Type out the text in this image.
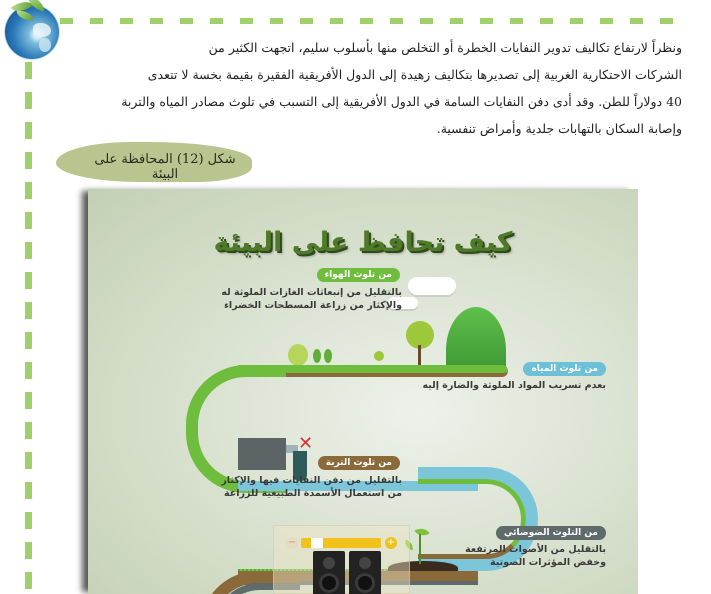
ونظراً لارتفاع تكاليف تدوير النفايات الخطرة أو التخلص منها بأسلوب سليم، اتجهت الكثير من
الشركات الاحتكارية الغربية إلى تصديرها بتكاليف زهيدة إلى الدول الأفريقية الفقيرة بقيمة بخسة لا تتعدى
40 دولاراً للطن. وقد أدى دفن النفايات السامة في الدول الأفريقية إلى التسبب في تلوث مصادر المياه والتربة
وإصابة السكان بالتهابات جلدية وأمراض تنفسية.
شكل (12) المحافظة على البيئة
كيف تحافظ على البيئة
✕
−	+
من تلوث الهواء
بالتقليل من إنبعاثات الغازات الملوثة له
والإكثار من زراعة المسطحات الخضراء
من تلوث المياه
بعدم تسريب المواد الملوثة والضارة إليه
من تلوث التربة
بالتقليل من دفن النفايات فيها والإكثار
من استعمال الأسمدة الطبيعية للزراعة
من التلوث الضوضائي
بالتقليل من الأصوات المرتفعة
وخفض المؤثرات الصوتية
